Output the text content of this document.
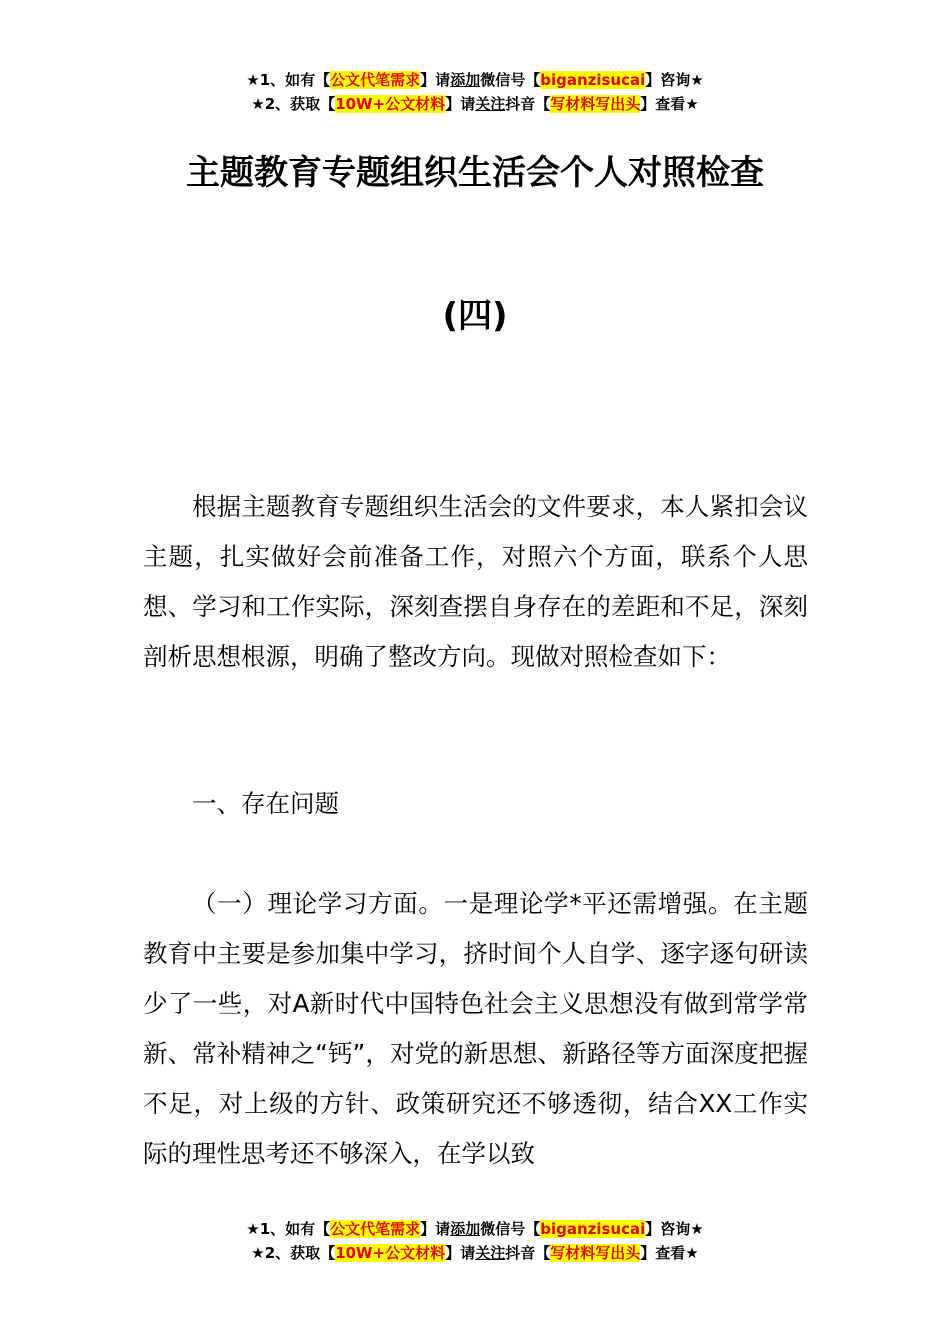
★1、如有【公文代笔需求】请添加微信号【biganzisucai】咨询★
★2、获取【10W+公文材料】请关注抖音【写材料写出头】查看★
主题教育专题组织生活会个人对照检查
(四)

根据主题教育专题组织生活会的文件要求，本人紧扣会议主题，扎实做好会前准备工作，对照六个方面，联系个人思想、学习和工作实际，深刻查摆自身存在的差距和不足，深刻剖析思想根源，明确了整改方向。现做对照检查如下：

一、存在问题

（一）理论学习方面。一是理论学*平还需增强。在主题教育中主要是参加集中学习，挤时间个人自学、逐字逐句研读少了一些，对A新时代中国特色社会主义思想没有做到常学常新、常补精神之“钙”，对党的新思想、新路径等方面深度把握不足，对上级的方针、政策研究还不够透彻，结合XX工作实际的理性思考还不够深入，在学以致

★1、如有【公文代笔需求】请添加微信号【biganzisucai】咨询★
★2、获取【10W+公文材料】请关注抖音【写材料写出头】查看★
